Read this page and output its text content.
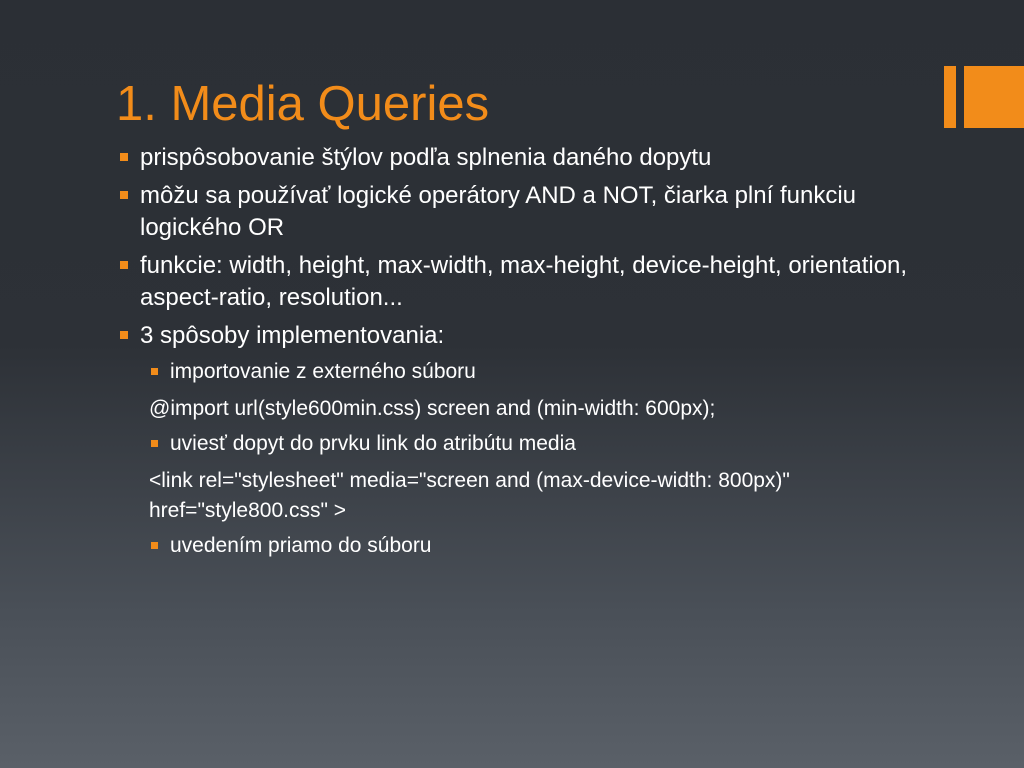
1. Media Queries
prispôsobovanie štýlov podľa splnenia daného dopytu
môžu sa používať logické operátory AND a NOT, čiarka plní funkciu logického OR
funkcie: width, height, max-width, max-height, device-height, orientation, aspect-ratio, resolution...
3 spôsoby implementovania:
importovanie z externého súboru
@import url(style600min.css) screen and (min-width: 600px);
uviesť dopyt do prvku link do atribútu media
<link rel="stylesheet" media="screen and (max-device-width: 800px)" href="style800.css" >
uvedením priamo do súboru
